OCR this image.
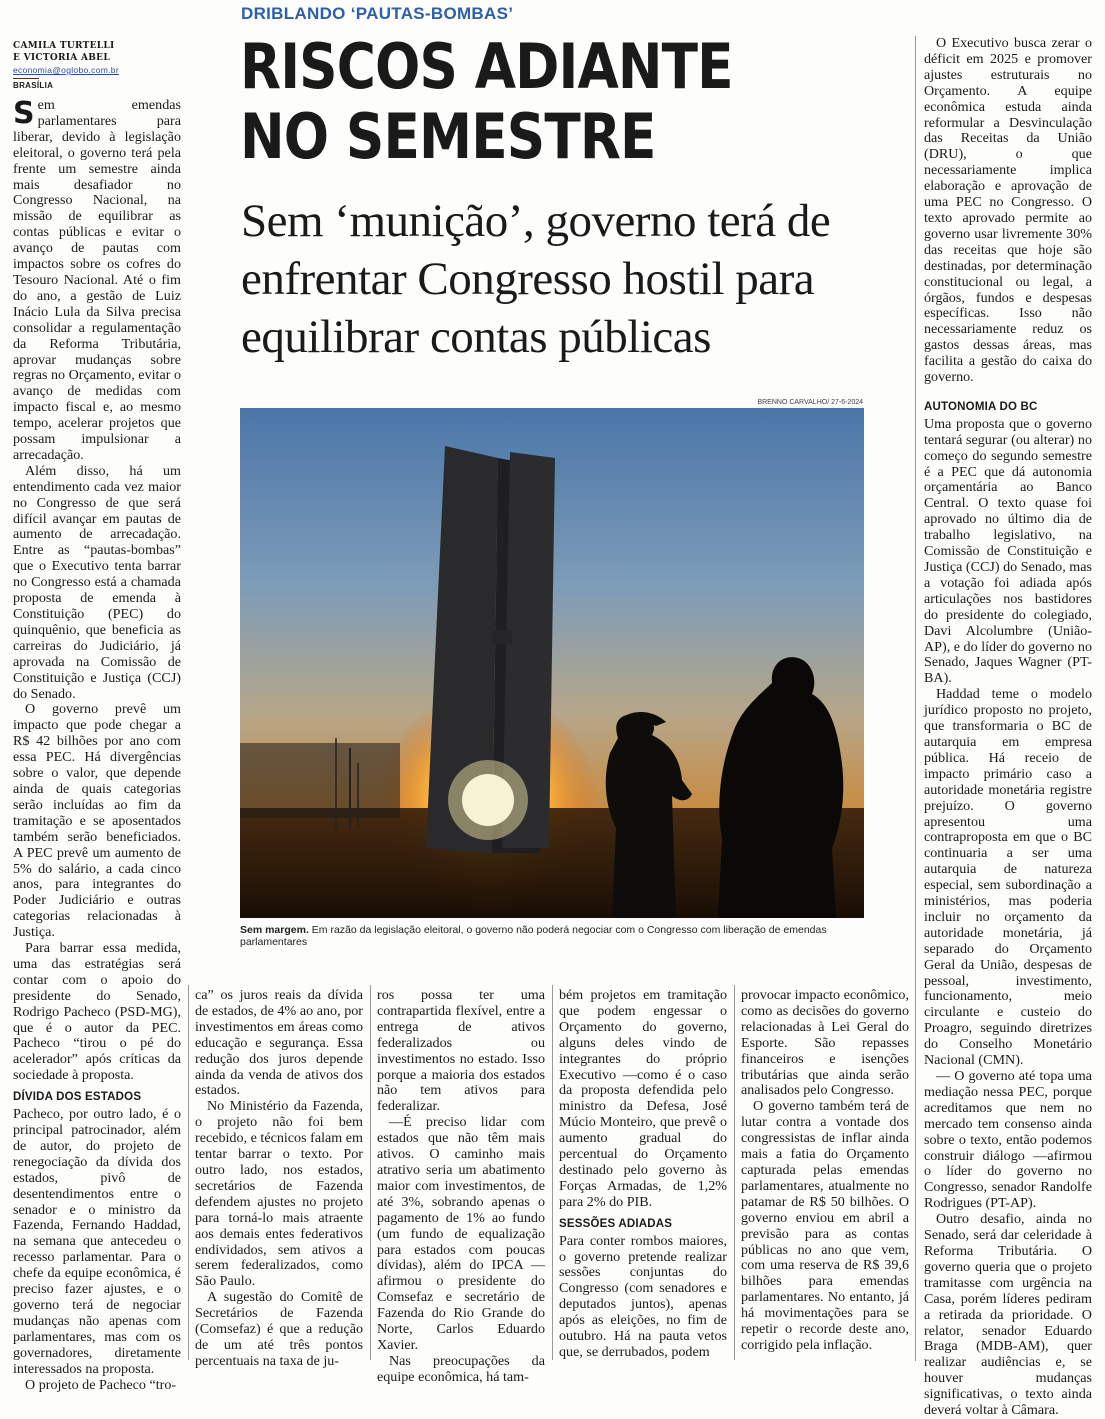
CAMILA TURTELLI
E VICTORIA ABEL
economia@oglobo.com.br
BRASÍLIA
DRIBLANDO ‘PAUTAS-BOMBAS’
RISCOS ADIANTE NO SEMESTRE
Sem ‘munição’, governo terá de enfrentar Congresso hostil para equilibrar contas públicas
BRENNO CARVALHO/ 27-6-2024
Sem margem. Em razão da legislação eleitoral, o governo não poderá negociar com o Congresso com liberação de emendas parlamentares

Sem emendas parlamentares para liberar, devido à legislação eleitoral, o governo terá pela frente um semestre ainda mais desafiador no Congresso Nacional, na missão de equilibrar as contas públicas e evitar o avanço de pautas com impactos sobre os cofres do Tesouro Nacional. Até o fim do ano, a gestão de Luiz Inácio Lula da Silva precisa consolidar a regulamentação da Reforma Tributária, aprovar mudanças sobre regras no Orçamento, evitar o avanço de medidas com impacto fiscal e, ao mesmo tempo, acelerar projetos que possam impulsionar a arrecadação.

Além disso, há um entendimento cada vez maior no Congresso de que será difícil avançar em pautas de aumento de arrecadação. Entre as “pautas-bombas” que o Executivo tenta barrar no Congresso está a chamada proposta de emenda à Constituição (PEC) do quinquênio, que beneficia as carreiras do Judiciário, já aprovada na Comissão de Constituição e Justiça (CCJ) do Senado.

O governo prevê um impacto que pode chegar a R$ 42 bilhões por ano com essa PEC. Há divergências sobre o valor, que depende ainda de quais categorias serão incluídas ao fim da tramitação e se aposentados também serão beneficiados. A PEC prevê um aumento de 5% do salário, a cada cinco anos, para integrantes do Poder Judiciário e outras categorias relacionadas à Justiça.

Para barrar essa medida, uma das estratégias será contar com o apoio do presidente do Senado, Rodrigo Pacheco (PSD-MG), que é o autor da PEC. Pacheco “tirou o pé do acelerador” após críticas da sociedade à proposta.

DÍVIDA DOS ESTADOS

Pacheco, por outro lado, é o principal patrocinador, além de autor, do projeto de renegociação da dívida dos estados, pivô de desentendimentos entre o senador e o ministro da Fazenda, Fernando Haddad, na semana que antecedeu o recesso parlamentar. Para o chefe da equipe econômica, é preciso fazer ajustes, e o governo terá de negociar mudanças não apenas com parlamentares, mas com os governadores, diretamente interessados na proposta.

O projeto de Pacheco “tro-

ca” os juros reais da dívida de estados, de 4% ao ano, por investimentos em áreas como educação e segurança. Essa redução dos juros depende ainda da venda de ativos dos estados.

No Ministério da Fazenda, o projeto não foi bem recebido, e técnicos falam em tentar barrar o texto. Por outro lado, nos estados, secretários de Fazenda defendem ajustes no projeto para torná-lo mais atraente aos demais entes federativos endividados, sem ativos a serem federalizados, como São Paulo.

A sugestão do Comitê de Secretários de Fazenda (Comsefaz) é que a redução de um até três pontos percentuais na taxa de ju-

ros possa ter uma contrapartida flexível, entre a entrega de ativos federalizados ou investimentos no estado. Isso porque a maioria dos estados não tem ativos para federalizar.

—É preciso lidar com estados que não têm mais ativos. O caminho mais atrativo seria um abatimento maior com investimentos, de até 3%, sobrando apenas o pagamento de 1% ao fundo (um fundo de equalização para estados com poucas dívidas), além do IPCA —afirmou o presidente do Comsefaz e secretário de Fazenda do Rio Grande do Norte, Carlos Eduardo Xavier.

Nas preocupações da equipe econômica, há tam-

bém projetos em tramitação que podem engessar o Orçamento do governo, alguns deles vindo de integrantes do próprio Executivo —como é o caso da proposta defendida pelo ministro da Defesa, José Múcio Monteiro, que prevê o aumento gradual do percentual do Orçamento destinado pelo governo às Forças Armadas, de 1,2% para 2% do PIB.

SESSÕES ADIADAS

Para conter rombos maiores, o governo pretende realizar sessões conjuntas do Congresso (com senadores e deputados juntos), apenas após as eleições, no fim de outubro. Há na pauta vetos que, se derrubados, podem

provocar impacto econômico, como as decisões do governo relacionadas à Lei Geral do Esporte. São repasses financeiros e isenções tributárias que ainda serão analisados pelo Congresso.

O governo também terá de lutar contra a vontade dos congressistas de inflar ainda mais a fatia do Orçamento capturada pelas emendas parlamentares, atualmente no patamar de R$ 50 bilhões. O governo enviou em abril a previsão para as contas públicas no ano que vem, com uma reserva de R$ 39,6 bilhões para emendas parlamentares. No entanto, já há movimentações para se repetir o recorde deste ano, corrigido pela inflação.

O Executivo busca zerar o déficit em 2025 e promover ajustes estruturais no Orçamento. A equipe econômica estuda ainda reformular a Desvinculação das Receitas da União (DRU), o que necessariamente implica elaboração e aprovação de uma PEC no Congresso. O texto aprovado permite ao governo usar livremente 30% das receitas que hoje são destinadas, por determinação constitucional ou legal, a órgãos, fundos e despesas específicas. Isso não necessariamente reduz os gastos dessas áreas, mas facilita a gestão do caixa do governo.

AUTONOMIA DO BC

Uma proposta que o governo tentará segurar (ou alterar) no começo do segundo semestre é a PEC que dá autonomia orçamentária ao Banco Central. O texto quase foi aprovado no último dia de trabalho legislativo, na Comissão de Constituição e Justiça (CCJ) do Senado, mas a votação foi adiada após articulações nos bastidores do presidente do colegiado, Davi Alcolumbre (União-AP), e do líder do governo no Senado, Jaques Wagner (PT-BA).

Haddad teme o modelo jurídico proposto no projeto, que transformaria o BC de autarquia em empresa pública. Há receio de impacto primário caso a autoridade monetária registre prejuízo. O governo apresentou uma contraproposta em que o BC continuaria a ser uma autarquia de natureza especial, sem subordinação a ministérios, mas poderia incluir no orçamento da autoridade monetária, já separado do Orçamento Geral da União, despesas de pessoal, investimento, funcionamento, meio circulante e custeio do Proagro, seguindo diretrizes do Conselho Monetário Nacional (CMN).

— O governo até topa uma mediação nessa PEC, porque acreditamos que nem no mercado tem consenso ainda sobre o texto, então podemos construir diálogo —afirmou o líder do governo no Congresso, senador Randolfe Rodrigues (PT-AP).

Outro desafio, ainda no Senado, será dar celeridade à Reforma Tributária. O governo queria que o projeto tramitasse com urgência na Casa, porém líderes pediram a retirada da prioridade. O relator, senador Eduardo Braga (MDB-AM), quer realizar audiências e, se houver mudanças significativas, o texto ainda deverá voltar à Câmara.
